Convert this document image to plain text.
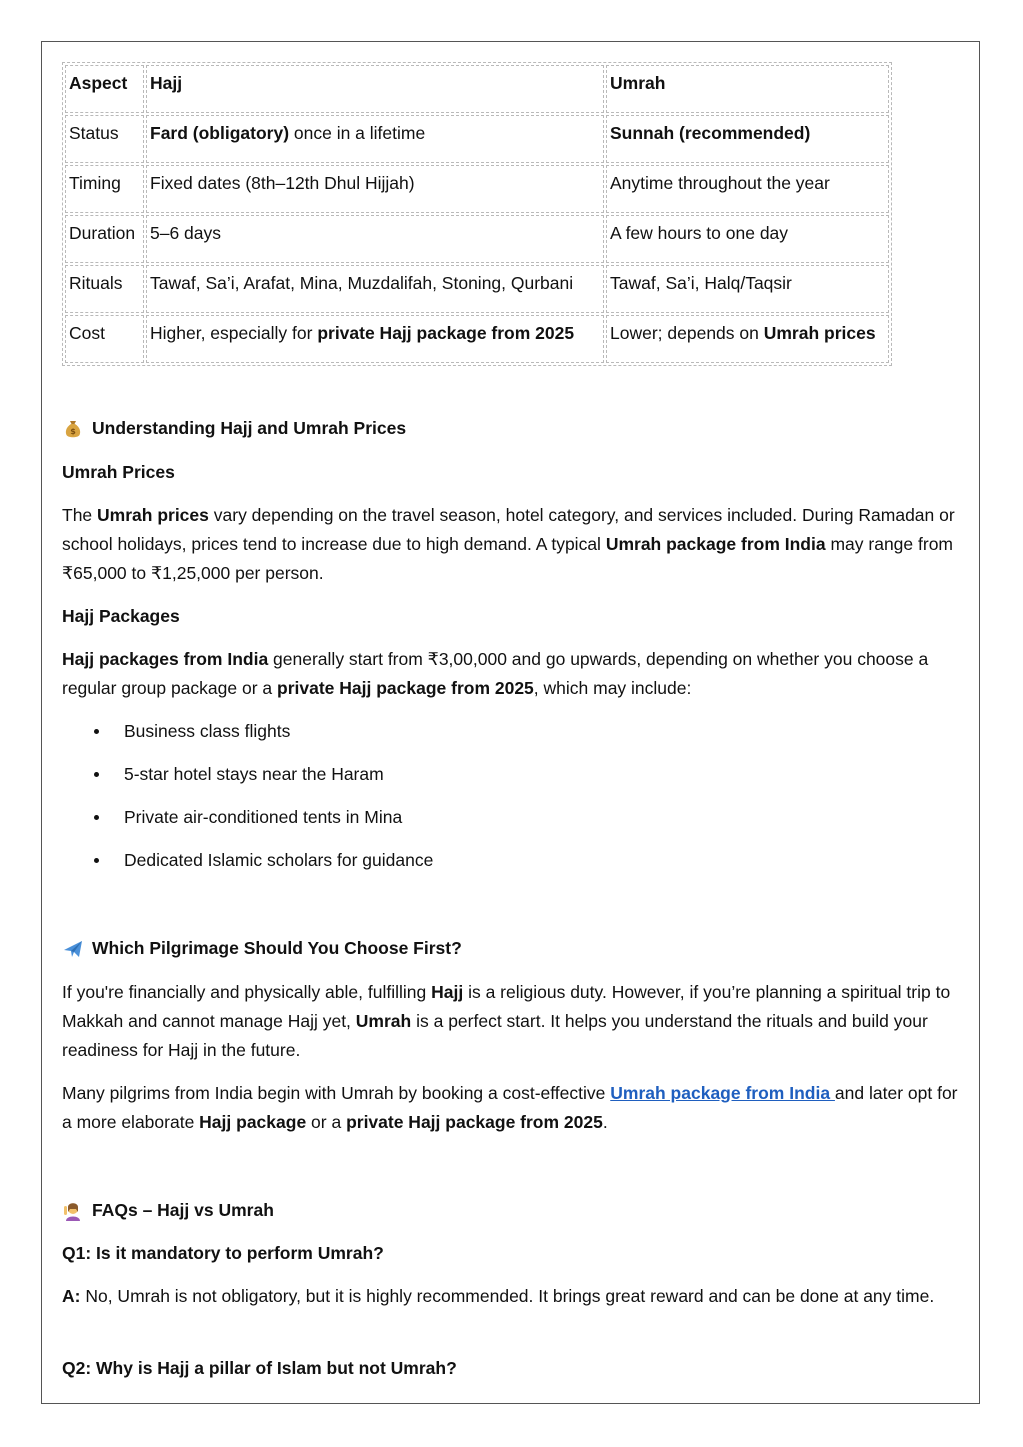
Aspect	Hajj	Umrah
Status	Fard (obligatory) once in a lifetime	Sunnah (recommended)
Timing	Fixed dates (8th–12th Dhul Hijjah)	Anytime throughout the year
Duration	5–6 days	A few hours to one day
Rituals	Tawaf, Sa’i, Arafat, Mina, Muzdalifah, Stoning, Qurbani	Tawaf, Sa’i, Halq/Taqsir
Cost	Higher, especially for private Hajj package from 2025	Lower; depends on Umrah prices
$ Understanding Hajj and Umrah Prices

Umrah Prices

The Umrah prices vary depending on the travel season, hotel category, and services included. During Ramadan or school holidays, prices tend to increase due to high demand. A typical Umrah package from India may range from ₹65,000 to ₹1,25,000 per person.

Hajj Packages

Hajj packages from India generally start from ₹3,00,000 and go upwards, depending on whether you choose a regular group package or a private Hajj package from 2025, which may include:

Business class flights
5-star hotel stays near the Haram
Private air-conditioned tents in Mina
Dedicated Islamic scholars for guidance
Which Pilgrimage Should You Choose First?

If you're financially and physically able, fulfilling Hajj is a religious duty. However, if you’re planning a spiritual trip to Makkah and cannot manage Hajj yet, Umrah is a perfect start. It helps you understand the rituals and build your readiness for Hajj in the future.

Many pilgrims from India begin with Umrah by booking a cost-effective Umrah package from India and later opt for a more elaborate Hajj package or a private Hajj package from 2025.

FAQs – Hajj vs Umrah

Q1: Is it mandatory to perform Umrah?

A: No, Umrah is not obligatory, but it is highly recommended. It brings great reward and can be done at any time.

Q2: Why is Hajj a pillar of Islam but not Umrah?
